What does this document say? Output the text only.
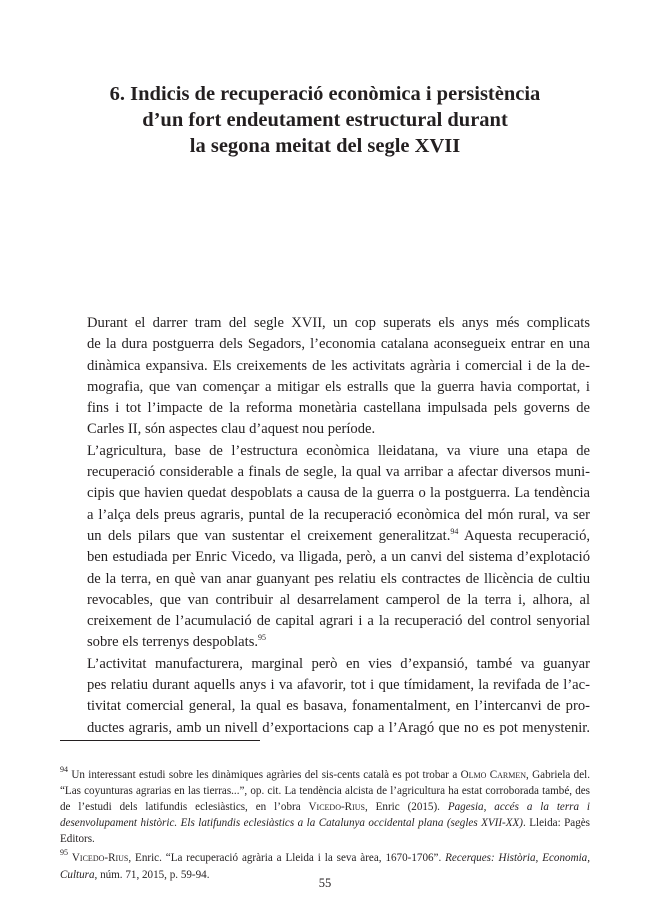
6. Indicis de recuperació econòmica i persistència
d’un fort endeutament estructural durant
la segona meitat del segle XVII

Durant el darrer tram del segle XVII, un cop superats els anys més complicats
de la dura postguerra dels Segadors, l’economia catalana aconsegueix entrar en una
dinàmica expansiva. Els creixements de les activitats agrària i comercial i de la de-
mografia, que van començar a mitigar els estralls que la guerra havia comportat, i
fins i tot l’impacte de la reforma monetària castellana impulsada pels governs de
Carles II, són aspectes clau d’aquest nou període.

L’agricultura, base de l’estructura econòmica lleidatana, va viure una etapa de
recuperació considerable a finals de segle, la qual va arribar a afectar diversos muni-
cipis que havien quedat despoblats a causa de la guerra o la postguerra. La tendència
a l’alça dels preus agraris, puntal de la recuperació econòmica del món rural, va ser
un dels pilars que van sustentar el creixement generalitzat.$^{94}$ Aquesta recuperació,
ben estudiada per Enric Vicedo, va lligada, però, a un canvi del sistema d’explotació
de la terra, en què van anar guanyant pes relatiu els contractes de llicència de cultiu
revocables, que van contribuir al desarrelament camperol de la terra i, alhora, al
creixement de l’acumulació de capital agrari i a la recuperació del control senyorial
sobre els terrenys despoblats.$^{95}$

L’activitat manufacturera, marginal però en vies d’expansió, també va guanyar
pes relatiu durant aquells anys i va afavorir, tot i que tímidament, la revifada de l’ac-
tivitat comercial general, la qual es basava, fonamentalment, en l’intercanvi de pro-
ductes agraris, amb un nivell d’exportacions cap a l’Aragó que no es pot menystenir.

$^{94}$ Un interessant estudi sobre les dinàmiques agràries del sis-cents català es pot trobar a Olmo Carmen, Gabriela del. “Las coyunturas agrarias en las tierras...”, op. cit. La tendència alcista de l’agricultura ha estat corroborada també, des de l’estudi dels latifundis eclesiàstics, en l’obra Vicedo-Rius, Enric (2015). Pagesia, accés a la terra i desenvolupament històric. Els latifundis eclesiàstics a la Catalunya occidental plana (segles XVII-XX). Lleida: Pagès Editors.

$^{95}$ Vicedo-Rius, Enric. “La recuperació agrària a Lleida i la seva àrea, 1670-1706”. Recerques: Història, Economia, Cultura, núm. 71, 2015, p. 59-94.

55
